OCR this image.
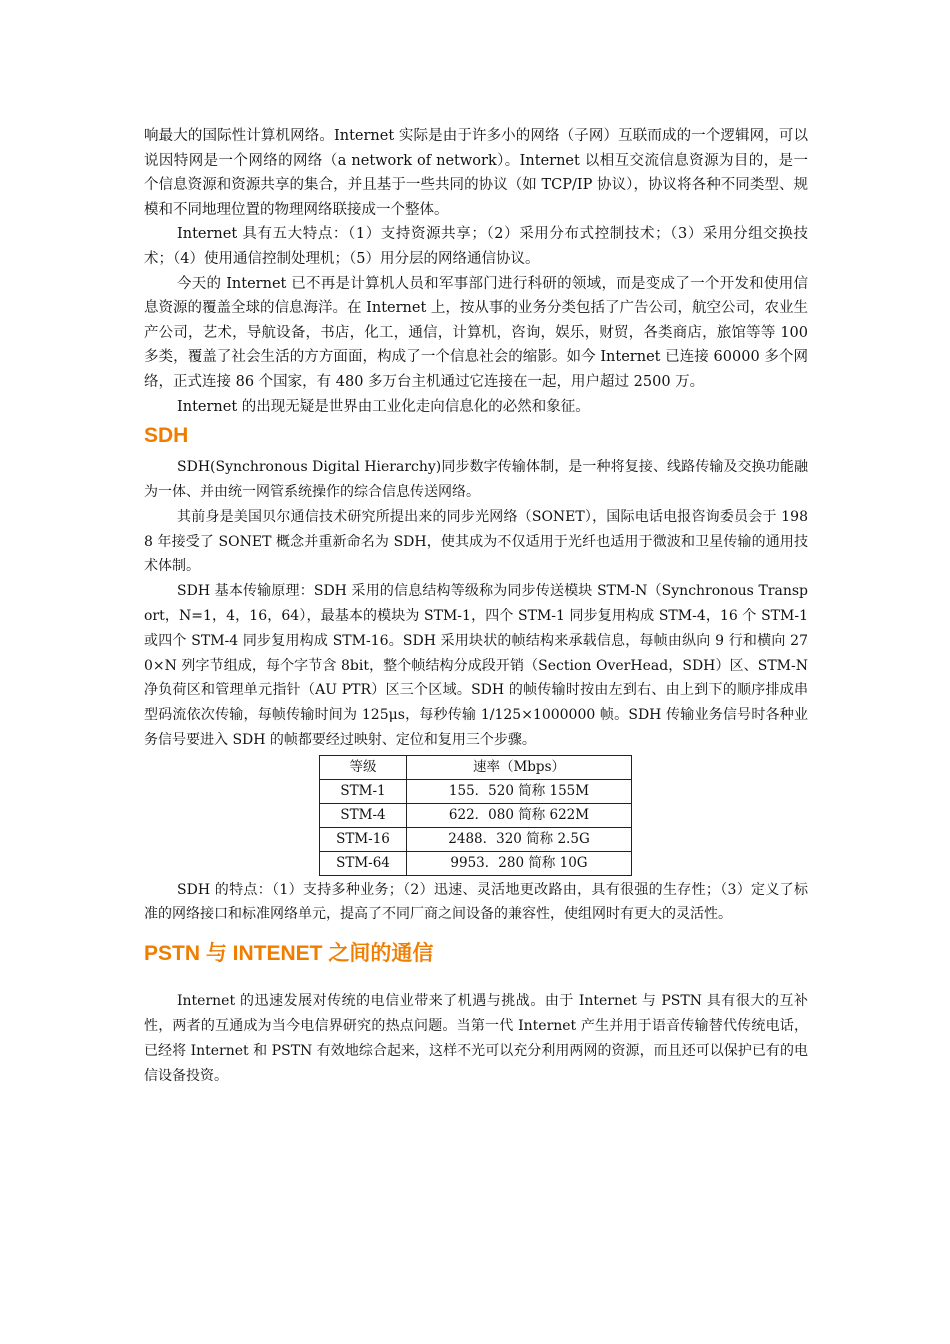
响最大的国际性计算机网络。Internet 实际是由于许多小的网络（子网）互联而成的一个逻辑网，可以说因特网是一个网络的网络（a network of network）。Internet 以相互交流信息资源为目的，是一个信息资源和资源共享的集合，并且基于一些共同的协议（如 TCP/IP 协议），协议将各种不同类型、规模和不同地理位置的物理网络联接成一个整体。

Internet 具有五大特点：（1）支持资源共享；（2）采用分布式控制技术；（3）采用分组交换技术；（4）使用通信控制处理机；（5）用分层的网络通信协议。

今天的 Internet 已不再是计算机人员和军事部门进行科研的领域，而是变成了一个开发和使用信息资源的覆盖全球的信息海洋。在 Internet 上，按从事的业务分类包括了广告公司，航空公司，农业生产公司，艺术，导航设备，书店，化工，通信，计算机，咨询，娱乐，财贸，各类商店，旅馆等等 100 多类，覆盖了社会生活的方方面面，构成了一个信息社会的缩影。如今 Internet 已连接 60000 多个网络，正式连接 86 个国家，有 480 多万台主机通过它连接在一起，用户超过 2500 万。

Internet 的出现无疑是世界由工业化走向信息化的必然和象征。

SDH

SDH(Synchronous Digital Hierarchy)同步数字传输体制，是一种将复接、线路传输及交换功能融为一体、并由统一网管系统操作的综合信息传送网络。

其前身是美国贝尔通信技术研究所提出来的同步光网络（SONET），国际电话电报咨询委员会于 1988 年接受了 SONET 概念并重新命名为 SDH，使其成为不仅适用于光纤也适用于微波和卫星传输的通用技术体制。

SDH 基本传输原理：SDH 采用的信息结构等级称为同步传送模块 STM-N（Synchronous Transport，N=1，4，16，64），最基本的模块为 STM-1，四个 STM-1 同步复用构成 STM-4，16 个 STM-1 或四个 STM-4 同步复用构成 STM-16。SDH 采用块状的帧结构来承载信息，每帧由纵向 9 行和横向 270×N 列字节组成，每个字节含 8bit，整个帧结构分成段开销（Section OverHead，SDH）区、STM-N 净负荷区和管理单元指针（AU PTR）区三个区域。SDH 的帧传输时按由左到右、由上到下的顺序排成串型码流依次传输，每帧传输时间为 125μs，每秒传输 1/125×1000000 帧。SDH 传输业务信号时各种业务信号要进入 SDH 的帧都要经过映射、定位和复用三个步骤。

等级	速率（Mbps）
STM-1	155．520 简称 155M
STM-4	622．080 简称 622M
STM-16	2488．320 简称 2.5G
STM-64	9953．280 简称 10G

SDH 的特点：（1）支持多种业务；（2）迅速、灵活地更改路由，具有很强的生存性；（3）定义了标准的网络接口和标准网络单元，提高了不同厂商之间设备的兼容性，使组网时有更大的灵活性。

PSTN 与 INTENET 之间的通信

Internet 的迅速发展对传统的电信业带来了机遇与挑战。由于 Internet 与 PSTN 具有很大的互补性，两者的互通成为当今电信界研究的热点问题。当第一代 Internet 产生并用于语音传输替代传统电话，已经将 Internet 和 PSTN 有效地综合起来，这样不光可以充分利用两网的资源，而且还可以保护已有的电信设备投资。
